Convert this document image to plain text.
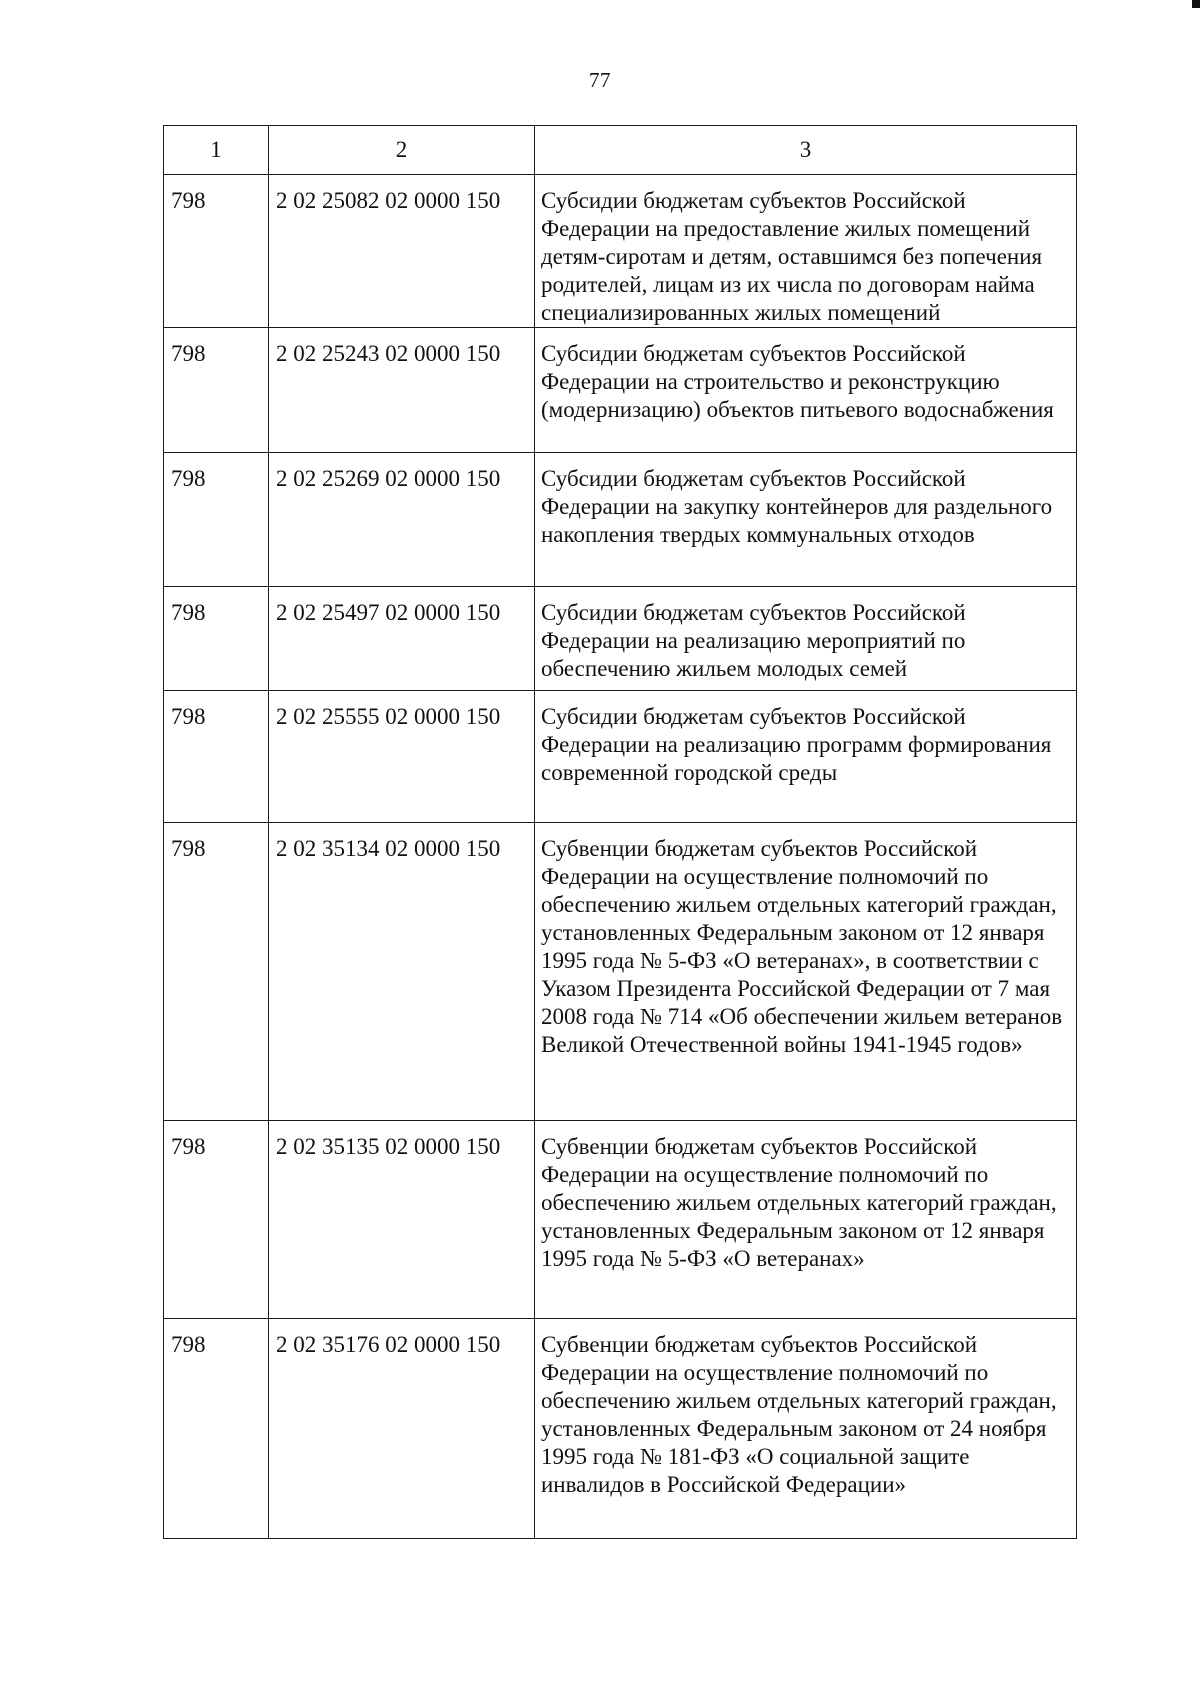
77
1	2	3
798	2 02 25082 02 0000 150	Субсидии бюджетам субъектов Российской Федерации на предоставление жилых помещений детям-сиротам и детям, оставшимся без попечения родителей, лицам из их числа по договорам найма специализированных жилых помещений
798	2 02 25243 02 0000 150	Субсидии бюджетам субъектов Российской Федерации на строительство и реконструкцию (модернизацию) объектов питьевого водоснабжения
798	2 02 25269 02 0000 150	Субсидии бюджетам субъектов Российской Федерации на закупку контейнеров для раздельного накопления твердых коммунальных отходов
798	2 02 25497 02 0000 150	Субсидии бюджетам субъектов Российской Федерации на реализацию мероприятий по обеспечению жильем молодых семей
798	2 02 25555 02 0000 150	Субсидии бюджетам субъектов Российской Федерации на реализацию программ формирования современной городской среды
798	2 02 35134 02 0000 150	Субвенции бюджетам субъектов Российской Федерации на осуществление полномочий по обеспечению жильем отдельных категорий граждан, установленных Федеральным законом от 12 января 1995 года № 5-ФЗ «О ветеранах», в соответствии с Указом Президента Российской Федерации от 7 мая 2008 года № 714 «Об обеспечении жильем ветеранов Великой Отечественной войны 1941-1945 годов»
798	2 02 35135 02 0000 150	Субвенции бюджетам субъектов Российской Федерации на осуществление полномочий по обеспечению жильем отдельных категорий граждан, установленных Федеральным законом от 12 января 1995 года № 5-ФЗ «О ветеранах»
798	2 02 35176 02 0000 150	Субвенции бюджетам субъектов Российской Федерации на осуществление полномочий по обеспечению жильем отдельных категорий граждан, установленных Федеральным законом от 24 ноября 1995 года № 181-ФЗ «О социальной защите инвалидов в Российской Федерации»
